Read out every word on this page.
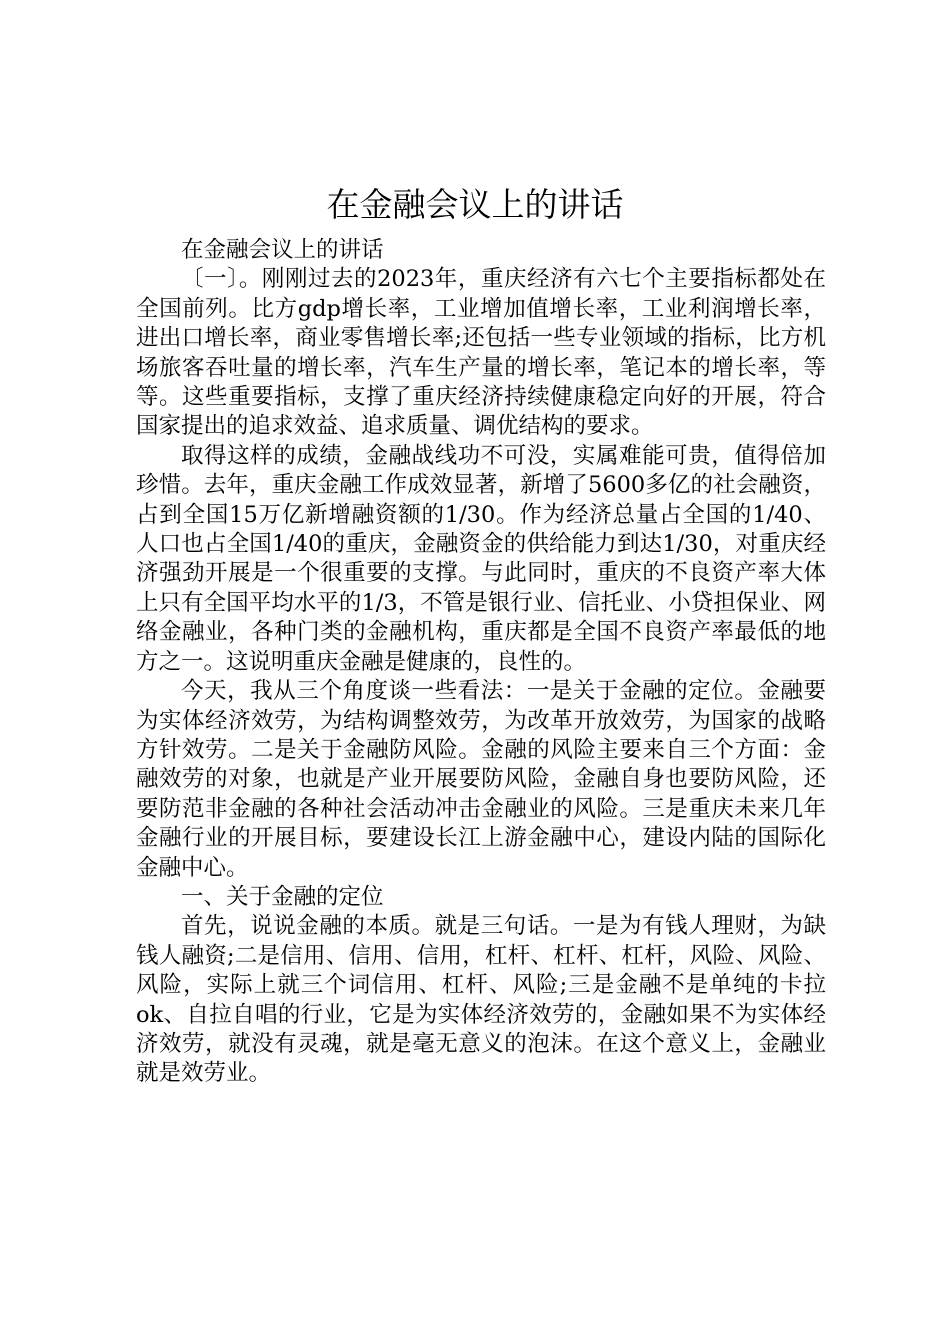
在金融会议上的讲话

在金融会议上的讲话

〔一〕。刚刚过去的2023年，重庆经济有六七个主要指标都处在全国前列。比方gdp增长率，工业增加值增长率，工业利润增长率，进出口增长率，商业零售增长率;还包括一些专业领域的指标，比方机场旅客吞吐量的增长率，汽车生产量的增长率，笔记本的增长率，等等。这些重要指标，支撑了重庆经济持续健康稳定向好的开展，符合国家提出的追求效益、追求质量、调优结构的要求。

取得这样的成绩，金融战线功不可没，实属难能可贵，值得倍加珍惜。去年，重庆金融工作成效显著，新增了5600多亿的社会融资，占到全国15万亿新增融资额的1/30。作为经济总量占全国的1/40、人口也占全国1/40的重庆，金融资金的供给能力到达1/30，对重庆经济强劲开展是一个很重要的支撑。与此同时，重庆的不良资产率大体上只有全国平均水平的1/3，不管是银行业、信托业、小贷担保业、网络金融业，各种门类的金融机构，重庆都是全国不良资产率最低的地方之一。这说明重庆金融是健康的，良性的。

今天，我从三个角度谈一些看法：一是关于金融的定位。金融要为实体经济效劳，为结构调整效劳，为改革开放效劳，为国家的战略方针效劳。二是关于金融防风险。金融的风险主要来自三个方面：金融效劳的对象，也就是产业开展要防风险，金融自身也要防风险，还要防范非金融的各种社会活动冲击金融业的风险。三是重庆未来几年金融行业的开展目标，要建设长江上游金融中心，建设内陆的国际化金融中心。

一、关于金融的定位

首先，说说金融的本质。就是三句话。一是为有钱人理财，为缺钱人融资;二是信用、信用、信用，杠杆、杠杆、杠杆，风险、风险、风险，实际上就三个词信用、杠杆、风险;三是金融不是单纯的卡拉ok、自拉自唱的行业，它是为实体经济效劳的，金融如果不为实体经济效劳，就没有灵魂，就是毫无意义的泡沫。在这个意义上，金融业就是效劳业。
